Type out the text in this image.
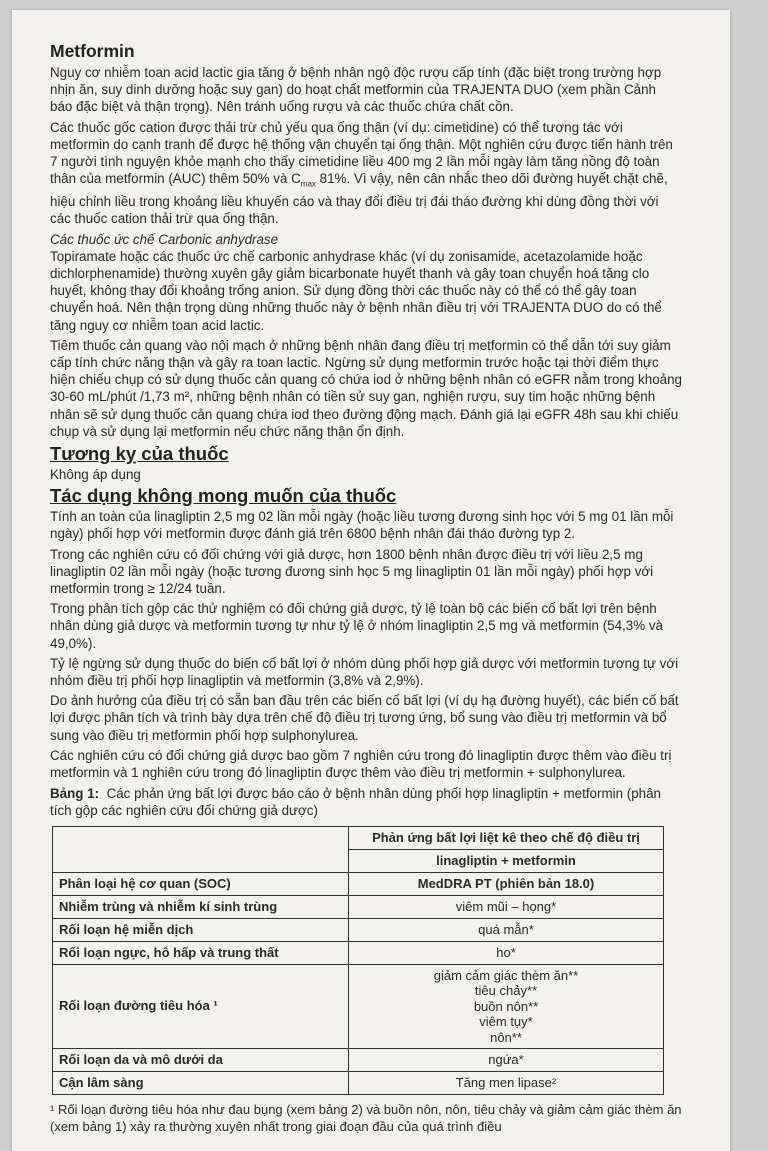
Metformin

Nguy cơ nhiễm toan acid lactic gia tăng ở bệnh nhân ngộ độc rượu cấp tính (đặc biệt trong trường hợp nhịn ăn, suy dinh dưỡng hoặc suy gan) do hoạt chất metformin của TRAJENTA DUO (xem phần Cảnh báo đặc biệt và thận trọng). Nên tránh uống rượu và các thuốc chứa chất cồn.

Các thuốc gốc cation được thải trừ chủ yếu qua ống thận (ví dụ: cimetidine) có thể tương tác với metformin do cạnh tranh để được hệ thống vận chuyển tại ống thận. Một nghiên cứu được tiến hành trên 7 người tình nguyện khỏe mạnh cho thấy cimetidine liều 400 mg 2 lần mỗi ngày làm tăng nồng độ toàn thân của metformin (AUC) thêm 50% và $C_{max}$ 81%. Vì vậy, nên cân nhắc theo dõi đường huyết chặt chẽ, hiệu chỉnh liều trong khoảng liều khuyến cáo và thay đổi điều trị đái tháo đường khi dùng đồng thời với các thuốc cation thải trừ qua ống thận.

Các thuốc ức chế Carbonic anhydrase

Topiramate hoặc các thuốc ức chế carbonic anhydrase khác (ví dụ zonisamide, acetazolamide hoặc dichlorphenamide) thường xuyên gây giảm bicarbonate huyết thanh và gây toan chuyển hoá tăng clo huyết, không thay đổi khoảng trống anion. Sử dụng đồng thời các thuốc này có thể có thể gây toan chuyển hoá. Nên thận trọng dùng những thuốc này ở bệnh nhân điều trị với TRAJENTA DUO do có thể tăng nguy cơ nhiễm toan acid lactic.

Tiêm thuốc cản quang vào nội mạch ở những bệnh nhân đang điều trị metformin có thể dẫn tới suy giảm cấp tính chức năng thận và gây ra toan lactic. Ngừng sử dụng metformin trước hoặc tại thời điểm thực hiện chiếu chụp có sử dụng thuốc cản quang có chứa iod ở những bệnh nhân có eGFR nằm trong khoảng 30-60 mL/phút /1,73 m², những bệnh nhân có tiền sử suy gan, nghiện rượu, suy tim hoặc những bệnh nhân sẽ sử dụng thuốc cản quang chứa iod theo đường động mạch. Đánh giá lại eGFR 48h sau khi chiếu chụp và sử dụng lại metformin nếu chức năng thận ổn định.

Tương kỵ của thuốc

Không áp dụng

Tác dụng không mong muốn của thuốc

Tính an toàn của linagliptin 2,5 mg 02 lần mỗi ngày (hoặc liều tương đương sinh học với 5 mg 01 lần mỗi ngày) phối hợp với metformin được đánh giá trên 6800 bệnh nhân đái tháo đường typ 2.

Trong các nghiên cứu có đối chứng với giả dược, hơn 1800 bệnh nhân được điều trị với liều 2,5 mg linagliptin 02 lần mỗi ngày (hoặc tương đương sinh học 5 mg linagliptin 01 lần mỗi ngày) phối hợp với metformin trong ≥ 12/24 tuần.

Trong phân tích gộp các thử nghiệm có đối chứng giả dược, tỷ lệ toàn bộ các biến cố bất lợi trên bệnh nhân dùng giả dược và metformin tương tự như tỷ lệ ở nhóm linagliptin 2,5 mg và metformin (54,3% và 49,0%).

Tỷ lệ ngừng sử dụng thuốc do biến cố bất lợi ở nhóm dùng phối hợp giả dược với metformin tương tự với nhóm điều trị phối hợp linagliptin và metformin (3,8% và 2,9%).

Do ảnh hưởng của điều trị có sẵn ban đầu trên các biến cố bất lợi (ví dụ hạ đường huyết), các biến cố bất lợi được phân tích và trình bày dựa trên chế độ điều trị tương ứng, bổ sung vào điều trị metformin và bổ sung vào điều trị metformin phối hợp sulphonylurea.

Các nghiên cứu có đối chứng giả dược bao gồm 7 nghiên cứu trong đó linagliptin được thêm vào điều trị metformin và 1 nghiên cứu trong đó linagliptin được thêm vào điều trị metformin + sulphonylurea.

Bảng 1: Các phản ứng bất lợi được báo cáo ở bệnh nhân dùng phối hợp linagliptin + metformin (phân tích gộp các nghiên cứu đối chứng giả dược)

	Phản ứng bất lợi liệt kê theo chế độ điều trị
	linagliptin + metformin
Phân loại hệ cơ quan (SOC)	MedDRA PT (phiên bản 18.0)
Nhiễm trùng và nhiễm kí sinh trùng	viêm mũi – họng*
Rối loạn hệ miễn dịch	quá mẫn*
Rối loạn ngực, hô hấp và trung thất	ho*
Rối loạn đường tiêu hóa ¹	giảm cảm giác thèm ăn**
tiêu chảy**
buồn nôn**
viêm tụy*
nôn**

Rối loạn da và mô dưới da	ngứa*
Cận lâm sàng	Tăng men lipase²

¹ Rối loạn đường tiêu hóa như đau bụng (xem bảng 2) và buồn nôn, nôn, tiêu chảy và giảm cảm giác thèm ăn (xem bảng 1) xảy ra thường xuyên nhất trong giai đoạn đầu của quá trình điều
